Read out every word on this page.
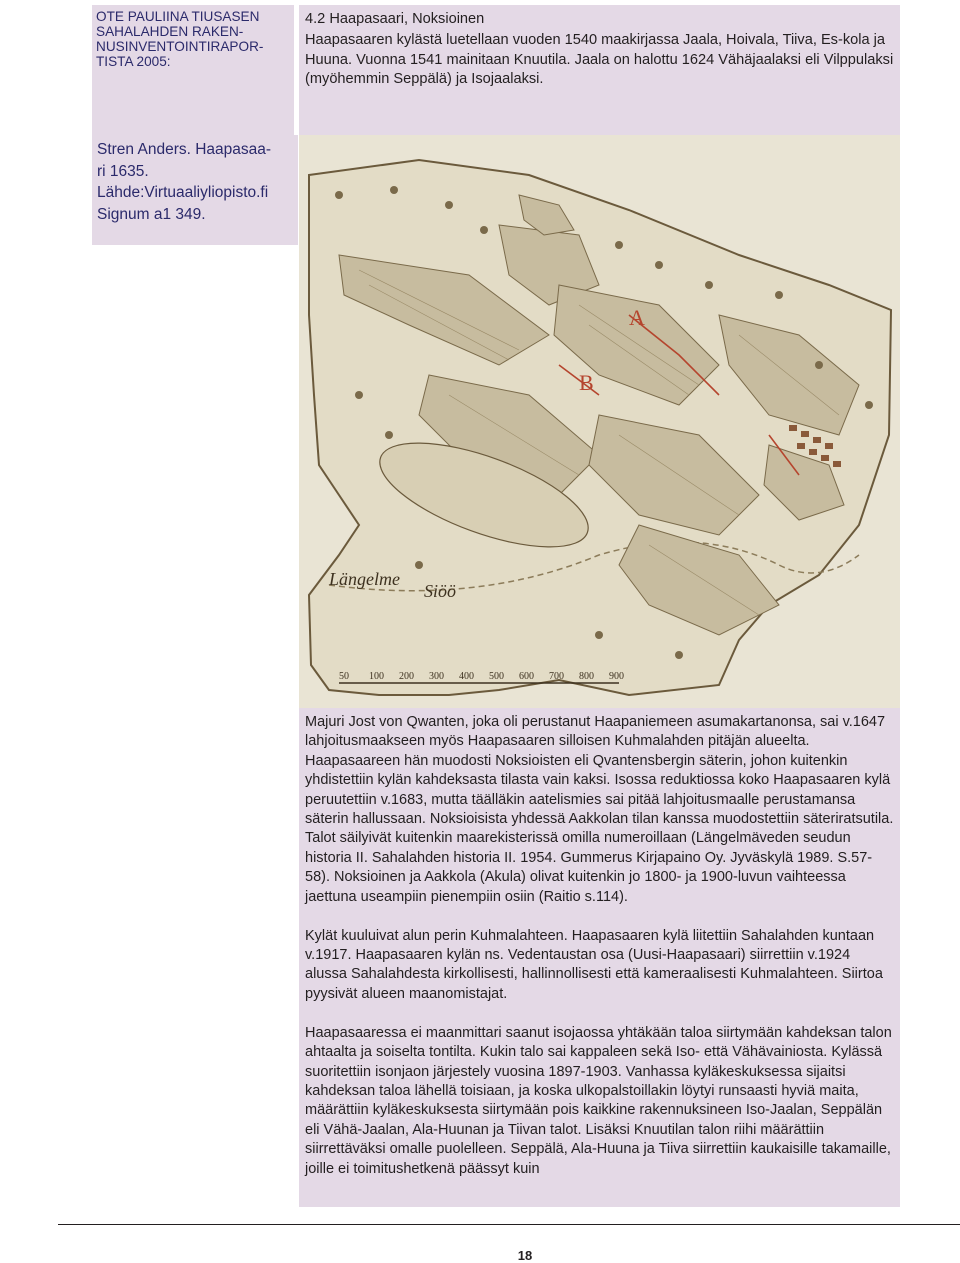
OTE PAULIINA TIUSASEN SAHALAHDEN RAKEN-NUSINVENTOINTIRAPOR-TISTA 2005:
Stren Anders. Haapasaa-
ri 1635.
Lähde:Virtuaaliyliopisto.fi
Signum a1 349.
4.2 Haapasaari, Noksioinen
Haapasaaren kylästä luetellaan vuoden 1540 maakirjassa Jaala, Hoivala, Tiiva, Es-kola ja Huuna. Vuonna 1541 mainitaan Knuutila. Jaala on halottu 1624 Vähäjaalaksi eli Vilppulaksi (myöhemmin Seppälä) ja Isojaalaksi.
A
B
Längelme
Siöö
50 100 200 300 400 500 600 700 800 900

Majuri Jost von Qwanten, joka oli perustanut Haapaniemeen asumakartanonsa, sai v.1647 lahjoitusmaakseen myös Haapasaaren silloisen Kuhmalahden pitäjän alueelta. Haapasaareen hän muodosti Noksioisten eli Qvantensbergin säterin, johon kuitenkin yhdistettiin kylän kahdeksasta tilasta vain kaksi. Isossa reduktiossa koko Haapasaaren kylä peruutettiin v.1683, mutta täälläkin aatelismies sai pitää lahjoitusmaalle perustamansa säterin hallussaan. Noksioisista yhdessä Aakkolan tilan kanssa muodostettiin säteriratsutila. Talot säilyivät kuitenkin maarekisterissä omilla numeroillaan (Längelmäveden seudun historia II. Sahalahden historia II. 1954. Gummerus Kirjapaino Oy. Jyväskylä 1989. S.57-58). Noksioinen ja Aakkola (Akula) olivat kuitenkin jo 1800- ja 1900-luvun vaihteessa jaettuna useampiin pienempiin osiin (Raitio s.114).

Kylät kuuluivat alun perin Kuhmalahteen. Haapasaaren kylä liitettiin Sahalahden kuntaan v.1917. Haapasaaren kylän ns. Vedentaustan osa (Uusi-Haapasaari) siirrettiin v.1924 alussa Sahalahdesta kirkollisesti, hallinnollisesti että kameraalisesti Kuhmalahteen. Siirtoa pyysivät alueen maanomistajat.

Haapasaaressa ei maanmittari saanut isojaossa yhtäkään taloa siirtymään kahdeksan talon ahtaalta ja soiselta tontilta. Kukin talo sai kappaleen sekä Iso- että Vähävainiosta. Kylässä suoritettiin isonjaon järjestely vuosina 1897-1903. Vanhassa kyläkeskuksessa sijaitsi kahdeksan taloa lähellä toisiaan, ja koska ulkopalstoillakin löytyi runsaasti hyviä maita, määrättiin kyläkeskuksesta siirtymään pois kaikkine rakennuksineen Iso-Jaalan, Seppälän eli Vähä-Jaalan, Ala-Huunan ja Tiivan talot. Lisäksi Knuutilan talon riihi määrättiin siirrettäväksi omalle puolelleen. Seppälä, Ala-Huuna ja Tiiva siirrettiin kaukaisille takamaille, joille ei toimitushetkenä päässyt kuin

18
